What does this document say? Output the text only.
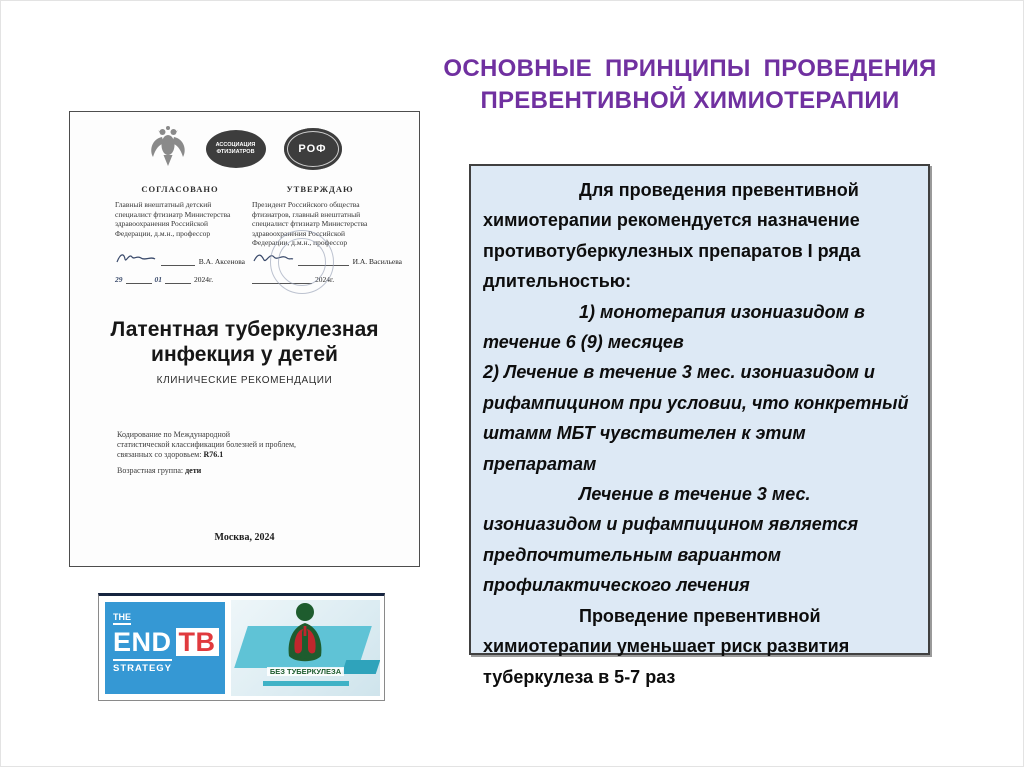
ОСНОВНЫЕ ПРИНЦИПЫ ПРОВЕДЕНИЯ
ПРЕВЕНТИВНОЙ ХИМИОТЕРАПИИ
АССОЦИАЦИЯ ФТИЗИАТРОВ	РОФ
СОГЛАСОВАНО	УТВЕРЖДАЮ
Главный внештатный детский специалист фтизиатр Министерства здравоохранения Российской Федерации, д.м.н., профессор
Президент Российского общества фтизиатров, главный внештатный специалист фтизиатр Министерства здравоохранения Российской Федерации, д.м.н., профессор
В.А. Аксенова
29	01	2024г.
И.А. Васильева
2024г.
Латентная туберкулезная
инфекция у детей
КЛИНИЧЕСКИЕ РЕКОМЕНДАЦИИ
Кодирование по Международной
статистической классификации болезней и проблем,
связанных со здоровьем: R76.1
Возрастная группа: дети
Москва, 2024
THE
END TB
STRATEGY
ЖИЗНЬ
БЕЗ ТУБЕРКУЛЕЗА

Для проведения превентивной химиотерапии рекомендуется назначение противотуберкулезных препаратов I ряда длительностью:

1) монотерапия изониазидом в течение 6 (9) месяцев

2) Лечение в течение 3 мес. изониазидом и рифампицином при условии, что конкретный штамм МБТ чувствителен к этим препаратам

Лечение в течение 3 мес. изониазидом и рифампицином является предпочтительным вариантом профилактического лечения

Проведение превентивной химиотерапии уменьшает риск развития туберкулеза в 5-7 раз
